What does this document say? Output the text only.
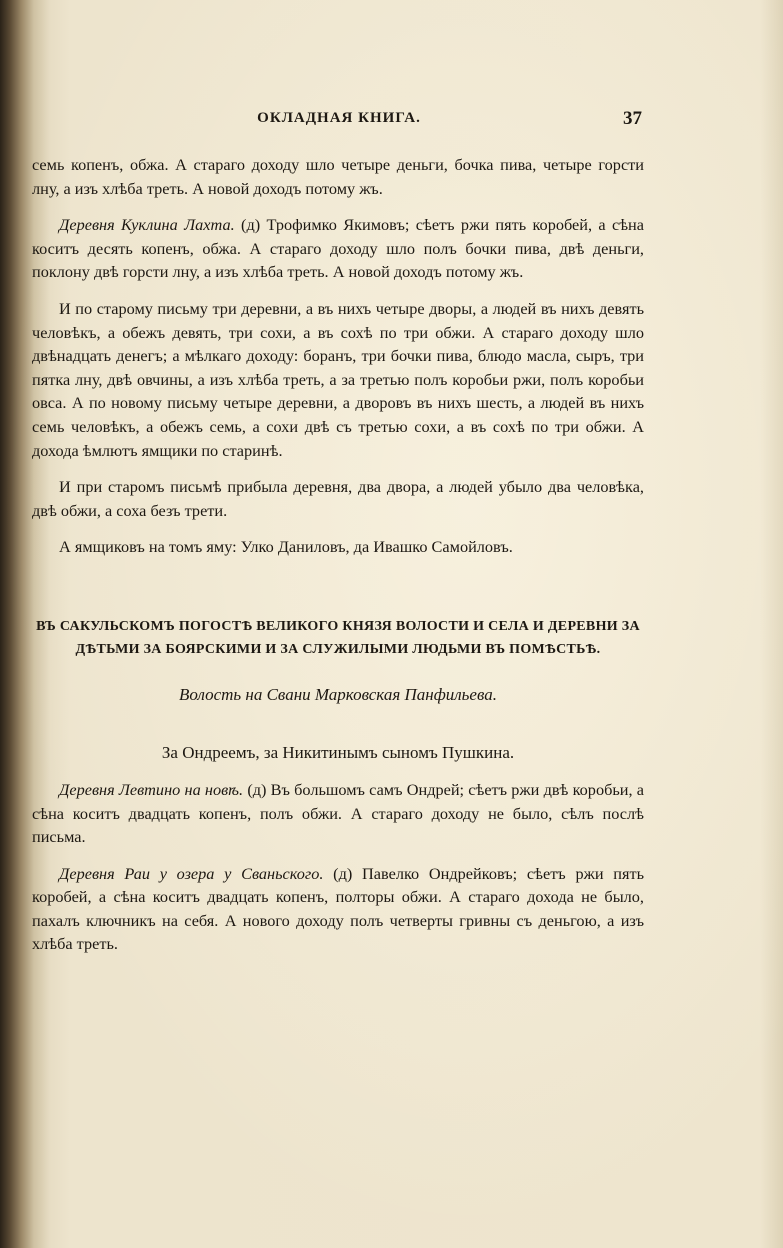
ОКЛАДНАЯ КНИГА.	37

семь копенъ, обжа. А стараго доходу шло четыре деньги, бочка пива, четыре горсти лну, а изъ хлѣба треть. А новой доходъ потому жъ.

Деревня Куклина Лахта. (д) Трофимко Якимовъ; сѣетъ ржи пять коробей, а сѣна коситъ десять копенъ, обжа. А стараго доходу шло полъ бочки пива, двѣ деньги, поклону двѣ горсти лну, а изъ хлѣба треть. А новой доходъ потому жъ.

И по старому письму три деревни, а въ нихъ четыре дворы, а людей въ нихъ девять человѣкъ, а обежъ девять, три сохи, а въ сохѣ по три обжи. А стараго доходу шло двѣнадцать денегъ; а мѣлкаго доходу: боранъ, три бочки пива, блюдо масла, сыръ, три пятка лну, двѣ овчины, а изъ хлѣба треть, а за третью полъ коробьи ржи, полъ коробьи овса. А по новому письму четыре деревни, а дворовъ въ нихъ шесть, а людей въ нихъ семь человѣкъ, а обежъ семь, а сохи двѣ съ третью сохи, а въ сохѣ по три обжи. А дохода ѣмлютъ ямщики по старинѣ.

И при старомъ письмѣ прибыла деревня, два двора, а людей убыло два человѣка, двѣ обжи, а соха безъ трети.

А ямщиковъ на томъ яму: Улко Даниловъ, да Ивашко Самойловъ.

ВЪ САКУЛЬСКОМЪ ПОГОСТѢ ВЕЛИКОГО КНЯЗЯ ВОЛОСТИ И СЕЛА И ДЕРЕВНИ ЗА ДѢТЬМИ ЗА БОЯРСКИМИ И ЗА СЛУЖИЛЫМИ ЛЮДЬМИ ВЪ ПОМѢСТЬѢ.

Волость на Свани Марковская Панфильева.

За Ондреемъ, за Никитинымъ сыномъ Пушкина.

Деревня Левтино на новѣ. (д) Въ большомъ самъ Ондрей; сѣетъ ржи двѣ коробьи, а сѣна коситъ двадцать копенъ, полъ обжи. А стараго доходу не было, сѣлъ послѣ письма.

Деревня Раи у озера у Сваньского. (д) Павелко Ондрейковъ; сѣетъ ржи пять коробей, а сѣна коситъ двадцать копенъ, полторы обжи. А стараго дохода не было, пахалъ ключникъ на себя. А нового доходу полъ четверты гривны съ деньгою, а изъ хлѣба треть.
